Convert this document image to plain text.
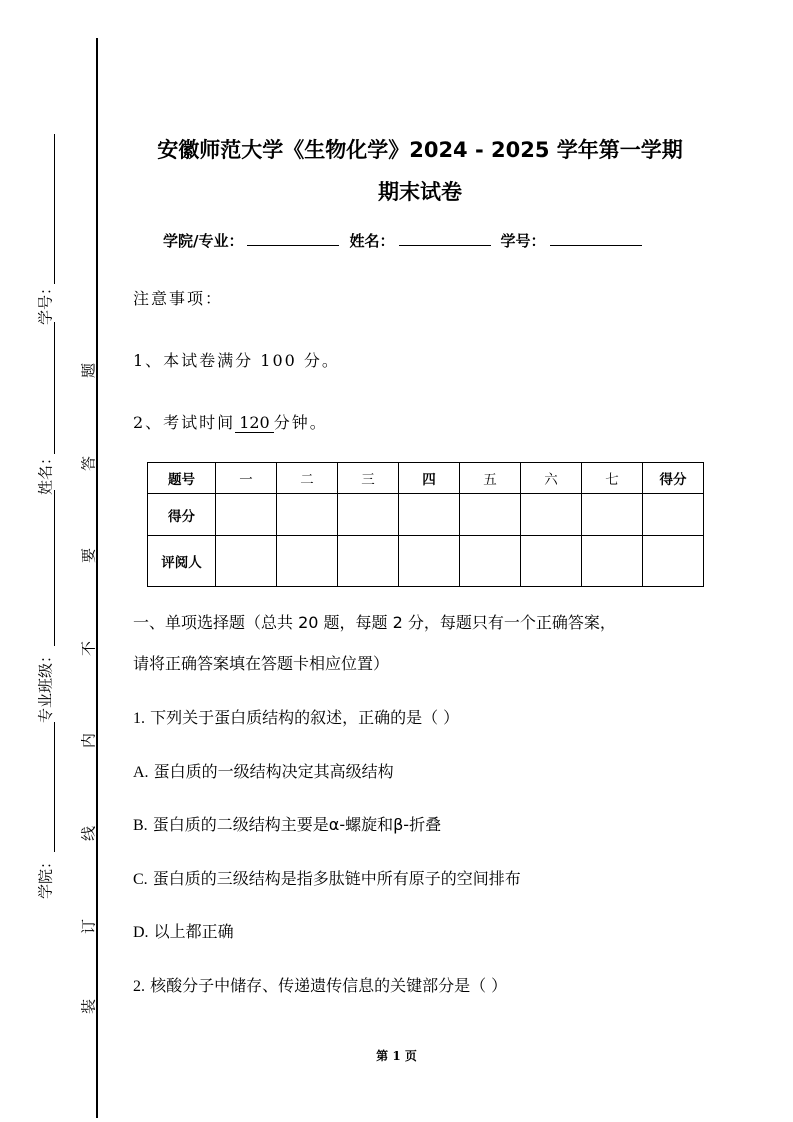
学号：
姓名：
专业班级：
学院：
题
答
要
不
内
线
订
装
安徽师范大学《生物化学》2024 - 2025 学年第一学期
期末试卷
学院/专业：	姓名：	学号：
注意事项：
1、本试卷满分 100 分。
2、考试时间 120 分钟。
题号	一	二	三	四	五	六	七	得分
得分								
评阅人								
一、单项选择题（总共 20 题，每题 2 分，每题只有一个正确答案，
请将正确答案填在答题卡相应位置）
1. 下列关于蛋白质结构的叙述，正确的是（ ）
A. 蛋白质的一级结构决定其高级结构
B. 蛋白质的二级结构主要是α-螺旋和β-折叠
C. 蛋白质的三级结构是指多肽链中所有原子的空间排布
D. 以上都正确
2. 核酸分子中储存、传递遗传信息的关键部分是（ ）
第 1 页
